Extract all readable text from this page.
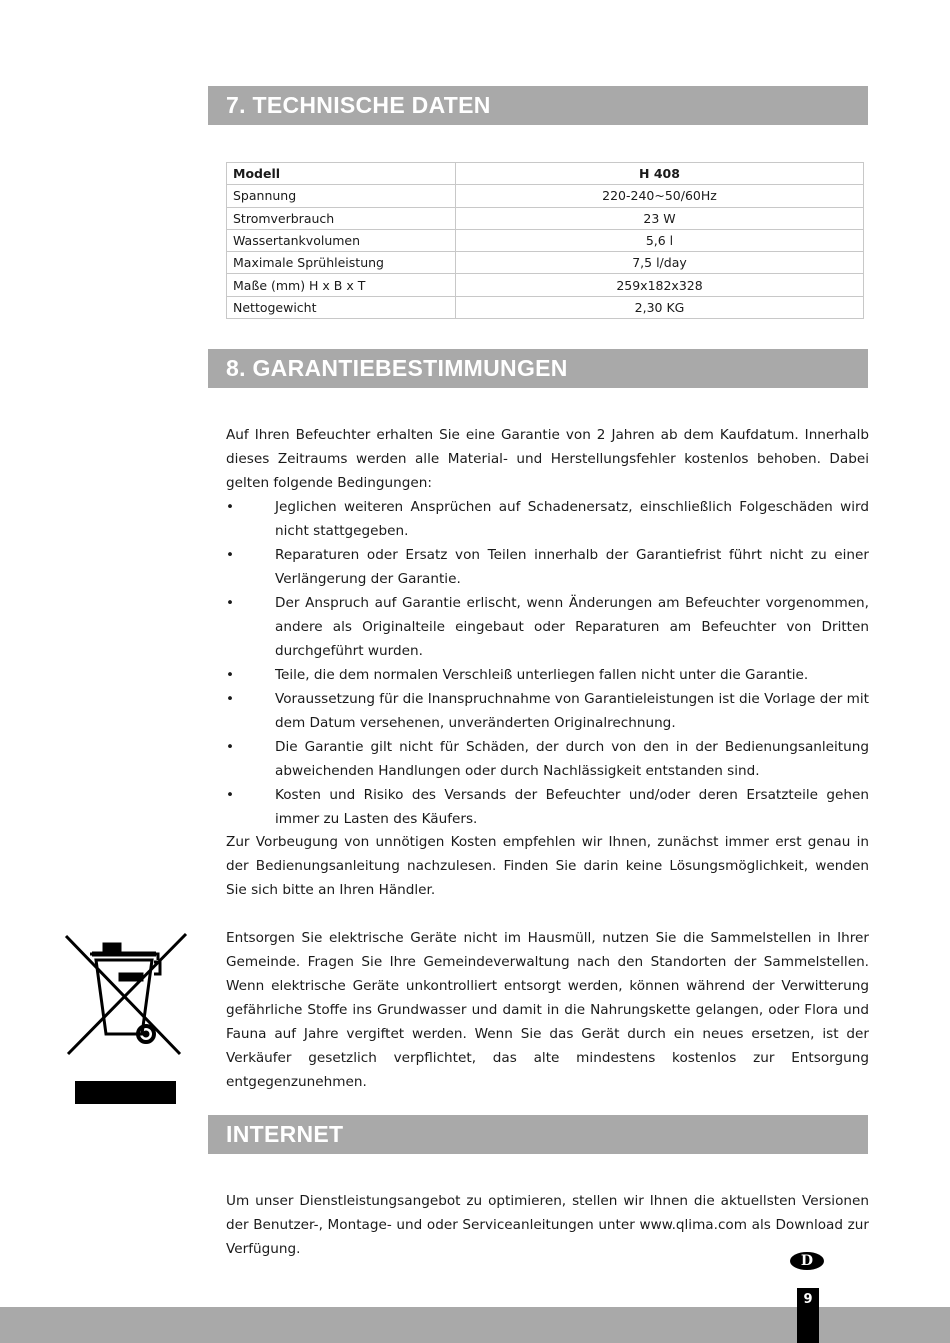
7. TECHNISCHE DATEN
Modell	H 408
Spannung	220-240~50/60Hz
Stromverbrauch	23 W
Wassertankvolumen	5,6 l
Maximale Sprühleistung	7,5 l/day
Maße (mm) H x B x T	259x182x328
Nettogewicht	2,30 KG
8. GARANTIEBESTIMMUNGEN

Auf Ihren Befeuchter erhalten Sie eine Garantie von 2 Jahren ab dem Kaufdatum. Innerhalb dieses Zeitraums werden alle Material- und Herstellungsfehler kostenlos behoben. Dabei gelten folgende Bedingungen:

•	Jeglichen weiteren Ansprüchen auf Schadenersatz, einschließlich Folgeschäden wird nicht stattgegeben.
•	Reparaturen oder Ersatz von Teilen innerhalb der Garantiefrist führt nicht zu einer Verlängerung der Garantie.
•	Der Anspruch auf Garantie erlischt, wenn Änderungen am Befeuchter vorgenommen, andere als Originalteile eingebaut oder Reparaturen am Befeuchter von Dritten durchgeführt wurden.
•	Teile, die dem normalen Verschleiß unterliegen fallen nicht unter die Garantie.
•	Voraussetzung für die Inanspruchnahme von Garantieleistungen ist die Vorlage der mit dem Datum versehenen, unveränderten Originalrechnung.
•	Die Garantie gilt nicht für Schäden, der durch von den in der Bedienungsanleitung abweichenden Handlungen oder durch Nachlässigkeit entstanden sind.
•	Kosten und Risiko des Versands der Befeuchter und/oder deren Ersatzteile gehen immer zu Lasten des Käufers.
Zur Vorbeugung von unnötigen Kosten empfehlen wir Ihnen, zunächst immer erst genau in der Bedienungsanleitung nachzulesen. Finden Sie darin keine Lösungsmöglichkeit, wenden Sie sich bitte an Ihren Händler.
Entsorgen Sie elektrische Geräte nicht im Hausmüll, nutzen Sie die Sammelstellen in Ihrer Gemeinde. Fragen Sie Ihre Gemeindeverwaltung nach den Standorten der Sammelstellen. Wenn elektrische Geräte unkontrolliert entsorgt werden, können während der Verwitterung gefährliche Stoffe ins Grundwasser und damit in die Nahrungskette gelangen, oder Flora und Fauna auf Jahre vergiftet werden. Wenn Sie das Gerät durch ein neues ersetzen, ist der Verkäufer gesetzlich verpflichtet, das alte mindestens kostenlos zur Entsorgung entgegenzunehmen.
INTERNET
Um unser Dienstleistungsangebot zu optimieren, stellen wir Ihnen die aktuellsten Versionen der Benutzer-, Montage- und oder Serviceanleitungen unter www.qlima.com als Download zur Verfügung.
D
9
